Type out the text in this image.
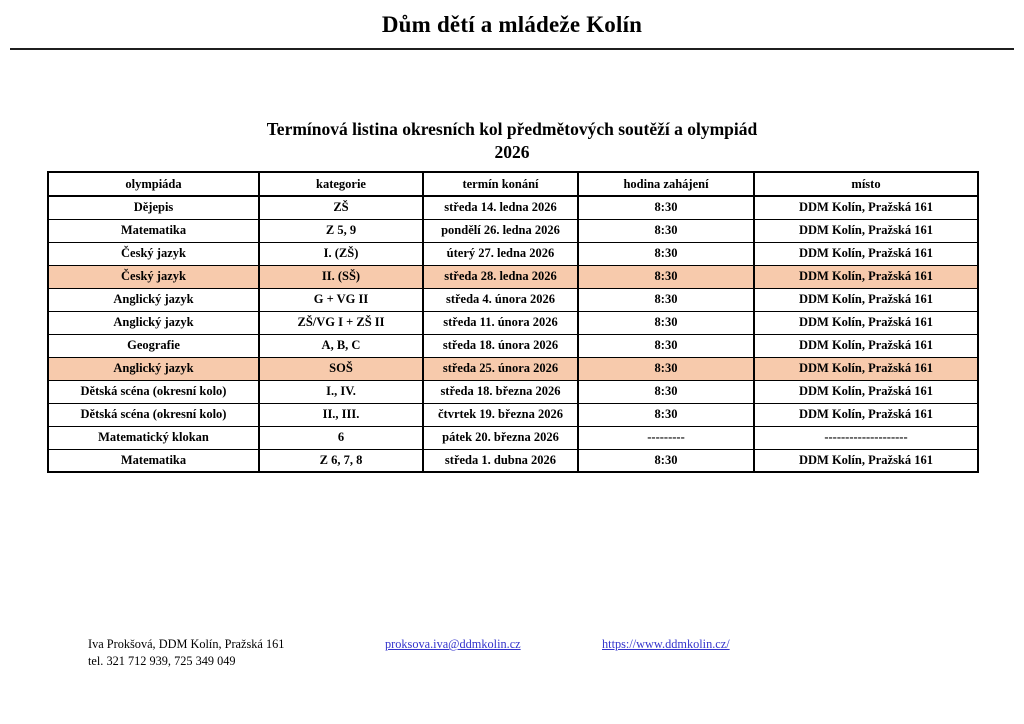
Dům dětí a mládeže Kolín
Termínová listina okresních kol předmětových soutěží a olympiád
2026
olympiáda	kategorie	termín konání	hodina zahájení	místo
Dějepis	ZŠ	středa 14. ledna 2026	8:30	DDM Kolín, Pražská 161
Matematika	Z 5, 9	pondělí 26. ledna 2026	8:30	DDM Kolín, Pražská 161
Český jazyk	I. (ZŠ)	úterý 27. ledna 2026	8:30	DDM Kolín, Pražská 161
Český jazyk	II. (SŠ)	středa 28. ledna 2026	8:30	DDM Kolín, Pražská 161
Anglický jazyk	G + VG II	středa 4. února 2026	8:30	DDM Kolín, Pražská 161
Anglický jazyk	ZŠ/VG I + ZŠ II	středa 11. února 2026	8:30	DDM Kolín, Pražská 161
Geografie	A, B, C	středa 18. února 2026	8:30	DDM Kolín, Pražská 161
Anglický jazyk	SOŠ	středa 25. února 2026	8:30	DDM Kolín, Pražská 161
Dětská scéna (okresní kolo)	I., IV.	středa 18. března 2026	8:30	DDM Kolín, Pražská 161
Dětská scéna (okresní kolo)	II., III.	čtvrtek 19. března 2026	8:30	DDM Kolín, Pražská 161
Matematický klokan	6	pátek 20. března 2026	---------	--------------------
Matematika	Z 6, 7, 8	středa 1. dubna 2026	8:30	DDM Kolín, Pražská 161
Iva Prokšová, DDM Kolín, Pražská 161
tel. 321 712 939, 725 349 049
proksova.iva@ddmkolin.cz	https://www.ddmkolin.cz/
